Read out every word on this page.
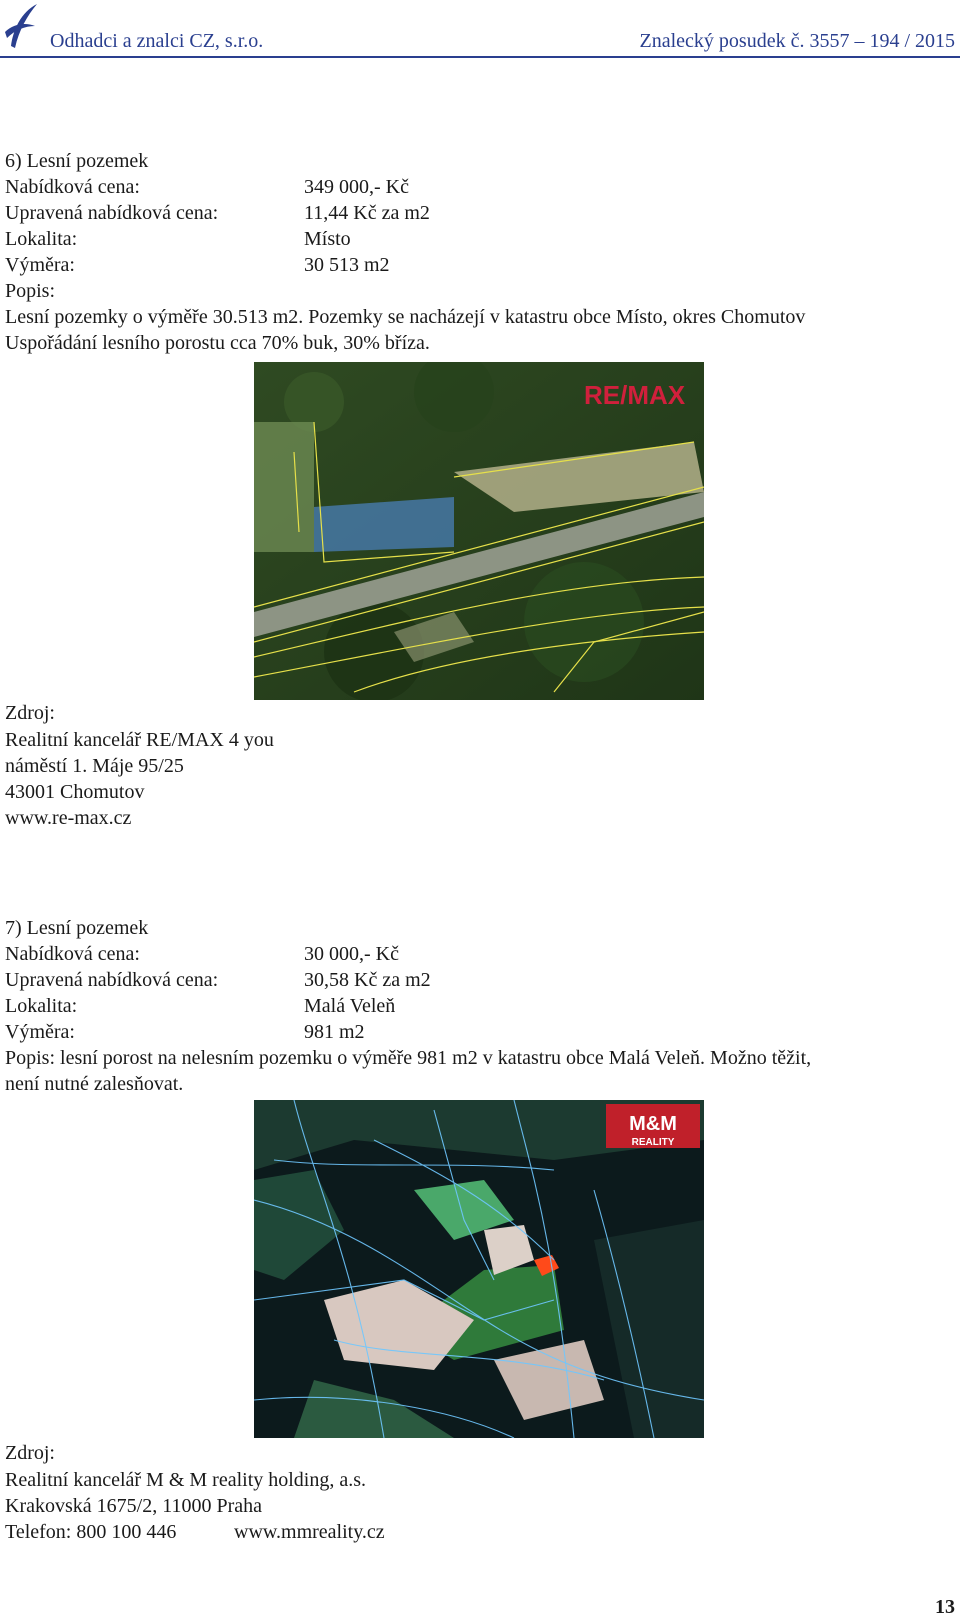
Odhadci a znalci CZ, s.r.o.	Znalecký posudek č. 3557 – 194 / 2015
6) Lesní pozemek
Nabídková cena:	349 000,- Kč
Upravená nabídková cena:	11,44 Kč za m2
Lokalita:	Místo
Výměra:	30 513 m2
Popis:
Lesní pozemky o výměře 30.513 m2. Pozemky se nacházejí v katastru obce Místo, okres Chomutov
Uspořádání lesního porostu cca 70% buk, 30% bříza.
RE/MAX
Zdroj:
Realitní kancelář RE/MAX 4 you
náměstí 1. Máje 95/25
43001 Chomutov
www.re-max.cz
7) Lesní pozemek
Nabídková cena:	30 000,- Kč
Upravená nabídková cena:	30,58 Kč za m2
Lokalita:	Malá Veleň
Výměra:	981 m2
Popis: lesní porost na nelesním pozemku o výměře 981 m2 v katastru obce Malá Veleň. Možno těžit,
není nutné zalesňovat.
M&M
REALITY
Zdroj:
Realitní kancelář M & M reality holding, a.s.
Krakovská 1675/2, 11000 Praha
Telefon: 800 100 446	www.mmreality.cz
13
